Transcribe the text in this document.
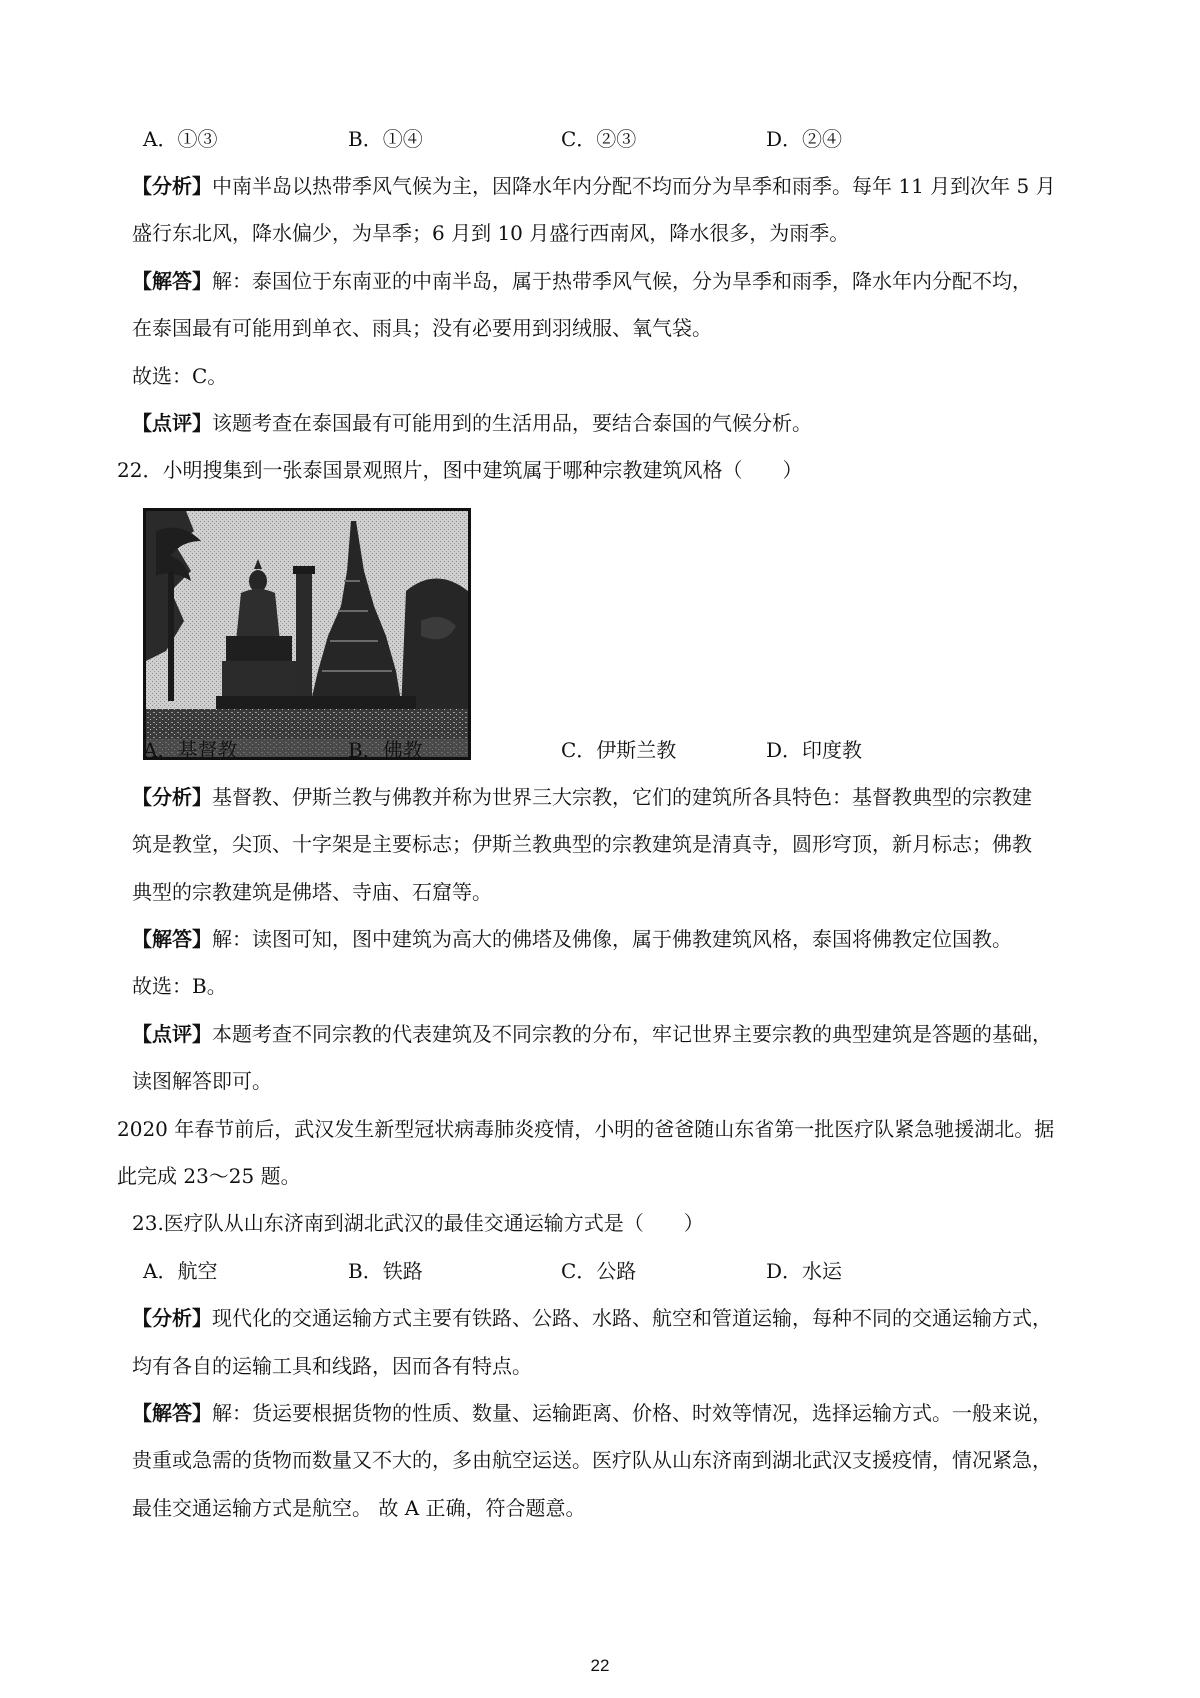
A．①③	B．①④	C．②③	D．②④
【分析】中南半岛以热带季风气候为主，因降水年内分配不均而分为旱季和雨季。每年 11 月到次年 5 月
盛行东北风，降水偏少，为旱季；6 月到 10 月盛行西南风，降水很多，为雨季。
【解答】解：泰国位于东南亚的中南半岛，属于热带季风气候，分为旱季和雨季，降水年内分配不均，
在泰国最有可能用到单衣、雨具；没有必要用到羽绒服、氧气袋。
故选：C。
【点评】该题考查在泰国最有可能用到的生活用品，要结合泰国的气候分析。
22．小明搜集到一张泰国景观照片，图中建筑属于哪种宗教建筑风格（　　）
A．基督教	B．佛教	C．伊斯兰教	D．印度教
【分析】基督教、伊斯兰教与佛教并称为世界三大宗教，它们的建筑所各具特色：基督教典型的宗教建
筑是教堂，尖顶、十字架是主要标志；伊斯兰教典型的宗教建筑是清真寺，圆形穹顶，新月标志；佛教
典型的宗教建筑是佛塔、寺庙、石窟等。
【解答】解：读图可知，图中建筑为高大的佛塔及佛像，属于佛教建筑风格，泰国将佛教定位国教。
故选：B。
【点评】本题考查不同宗教的代表建筑及不同宗教的分布，牢记世界主要宗教的典型建筑是答题的基础，
读图解答即可。
2020 年春节前后，武汉发生新型冠状病毒肺炎疫情，小明的爸爸随山东省第一批医疗队紧急驰援湖北。据
此完成 23～25 题。
23.医疗队从山东济南到湖北武汉的最佳交通运输方式是（　　）
A．航空	B．铁路	C．公路	D．水运
【分析】现代化的交通运输方式主要有铁路、公路、水路、航空和管道运输，每种不同的交通运输方式，
均有各自的运输工具和线路，因而各有特点。
【解答】解：货运要根据货物的性质、数量、运输距离、价格、时效等情况，选择运输方式。一般来说，
贵重或急需的货物而数量又不大的，多由航空运送。医疗队从山东济南到湖北武汉支援疫情，情况紧急，
最佳交通运输方式是航空。 故 A 正确，符合题意。
22
